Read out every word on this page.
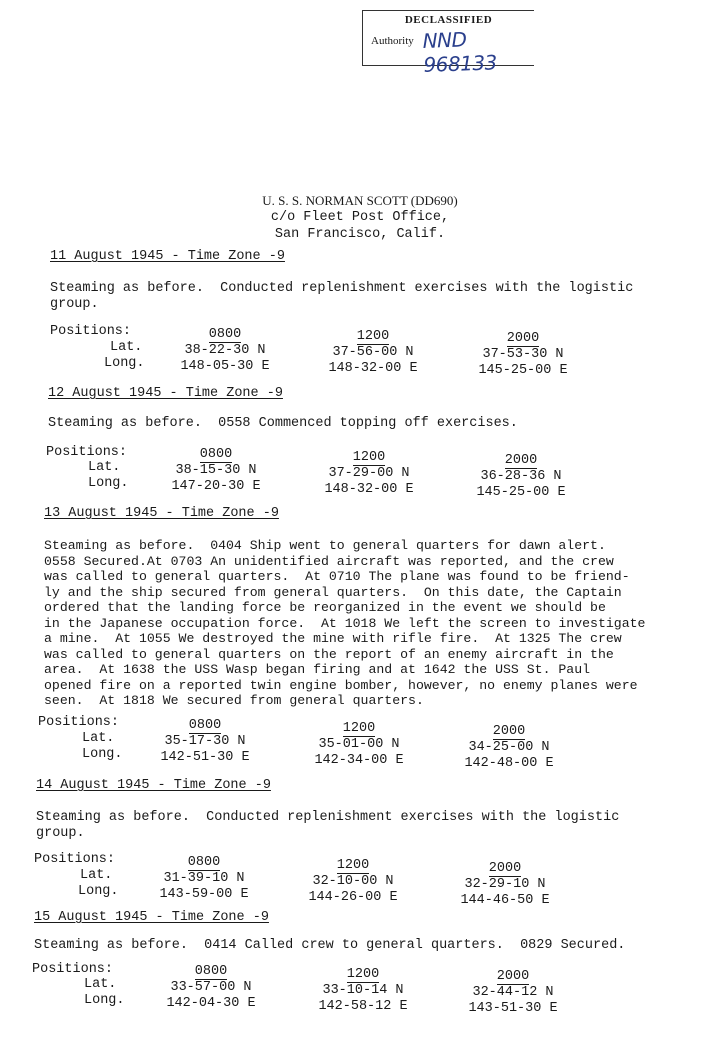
DECLASSIFIED
Authority NND 968133
U. S. S. NORMAN SCOTT (DD690)
c/o Fleet Post Office,
San Francisco, Calif.
11 August 1945 - Time Zone -9
Steaming as before.  Conducted replenishment exercises with the logistic
group.
Positions:
Lat.
Long.
0800
38-22-30 N
148-05-30 E
1200
37-56-00 N
148-32-00 E
2000
37-53-30 N
145-25-00 E
12 August 1945 - Time Zone -9
Steaming as before.  0558 Commenced topping off exercises.
Positions:
Lat.
Long.
0800
38-15-30 N
147-20-30 E
1200
37-29-00 N
148-32-00 E
2000
36-28-36 N
145-25-00 E
13 August 1945 - Time Zone -9
Steaming as before.  0404 Ship went to general quarters for dawn alert.
0558 Secured.At 0703 An unidentified aircraft was reported, and the crew
was called to general quarters.  At 0710 The plane was found to be friend-
ly and the ship secured from general quarters.  On this date, the Captain
ordered that the landing force be reorganized in the event we should be
in the Japanese occupation force.  At 1018 We left the screen to investigate
a mine.  At 1055 We destroyed the mine with rifle fire.  At 1325 The crew
was called to general quarters on the report of an enemy aircraft in the
area.  At 1638 the USS Wasp began firing and at 1642 the USS St. Paul
opened fire on a reported twin engine bomber, however, no enemy planes were
seen.  At 1818 We secured from general quarters.
Positions:
Lat.
Long.
0800
35-17-30 N
142-51-30 E
1200
35-01-00 N
142-34-00 E
2000
34-25-00 N
142-48-00 E
14 August 1945 - Time Zone -9
Steaming as before.  Conducted replenishment exercises with the logistic
group.
Positions:
Lat.
Long.
0800
31-39-10 N
143-59-00 E
1200
32-10-00 N
144-26-00 E
2000
32-29-10 N
144-46-50 E
15 August 1945 - Time Zone -9
Steaming as before.  0414 Called crew to general quarters.  0829 Secured.
Positions:
Lat.
Long.
0800
33-57-00 N
142-04-30 E
1200
33-10-14 N
142-58-12 E
2000
32-44-12 N
143-51-30 E
